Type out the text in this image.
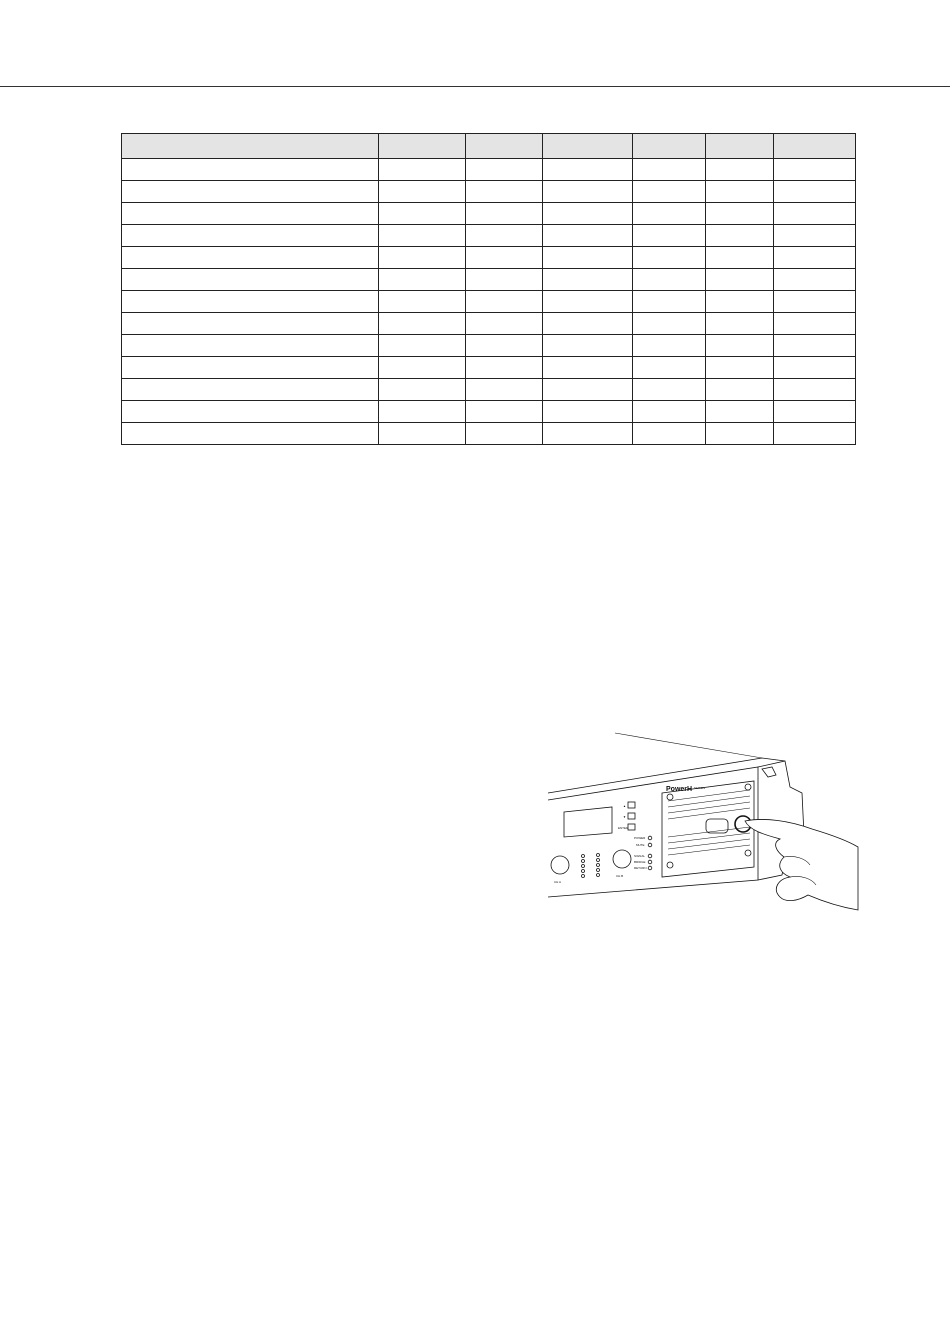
▲
▼
ENTER
CH A
CH B
POWER
MUTE
SIGNAL
BRIDGE
RETURN
PowerH SERIES
